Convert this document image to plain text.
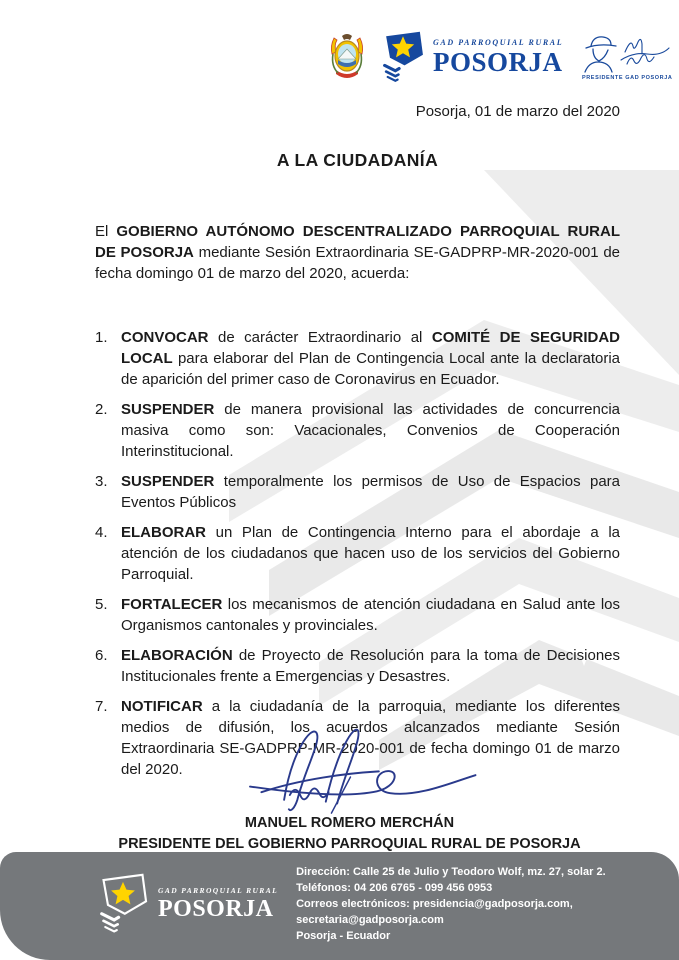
GAD PARROQUIAL RURAL
POSORJA
PRESIDENTE GAD POSORJA
Posorja, 01 de marzo del 2020
A LA CIUDADANÍA

El GOBIERNO AUTÓNOMO DESCENTRALIZADO PARROQUIAL RURAL DE POSORJA mediante Sesión Extraordinaria SE-GADPRP-MR-2020-001 de fecha domingo 01 de marzo del 2020, acuerda:

1. CONVOCAR de carácter Extraordinario al COMITÉ DE SEGURIDAD LOCAL para elaborar del Plan de Contingencia Local ante la declaratoria de aparición del primer caso de Coronavirus en Ecuador.

2. SUSPENDER de manera provisional las actividades de concurrencia masiva como son: Vacacionales, Convenios de Cooperación Interinstitucional.

3. SUSPENDER temporalmente los permisos de Uso de Espacios para Eventos Públicos

4. ELABORAR un Plan de Contingencia Interno para el abordaje a la atención de los ciudadanos que hacen uso de los servicios del Gobierno Parroquial.

5. FORTALECER los mecanismos de atención ciudadana en Salud ante los Organismos cantonales y provinciales.

6. ELABORACIÓN de Proyecto de Resolución para la toma de Decisiones Institucionales frente a Emergencias y Desastres.

7. NOTIFICAR a la ciudadanía de la parroquia, mediante los diferentes medios de difusión, los acuerdos alcanzados mediante Sesión Extraordinaria SE-GADPRP-MR-2020-001 de fecha domingo 01 de marzo del 2020.

MANUEL ROMERO MERCHÁN
PRESIDENTE DEL GOBIERNO PARROQUIAL RURAL DE POSORJA
GAD PARROQUIAL RURAL
POSORJA
Dirección: Calle 25 de Julio y Teodoro Wolf, mz. 27, solar 2.
Teléfonos: 04 206 6765 - 099 456 0953
Correos electrónicos: presidencia@gadposorja.com,
secretaria@gadposorja.com
Posorja - Ecuador
